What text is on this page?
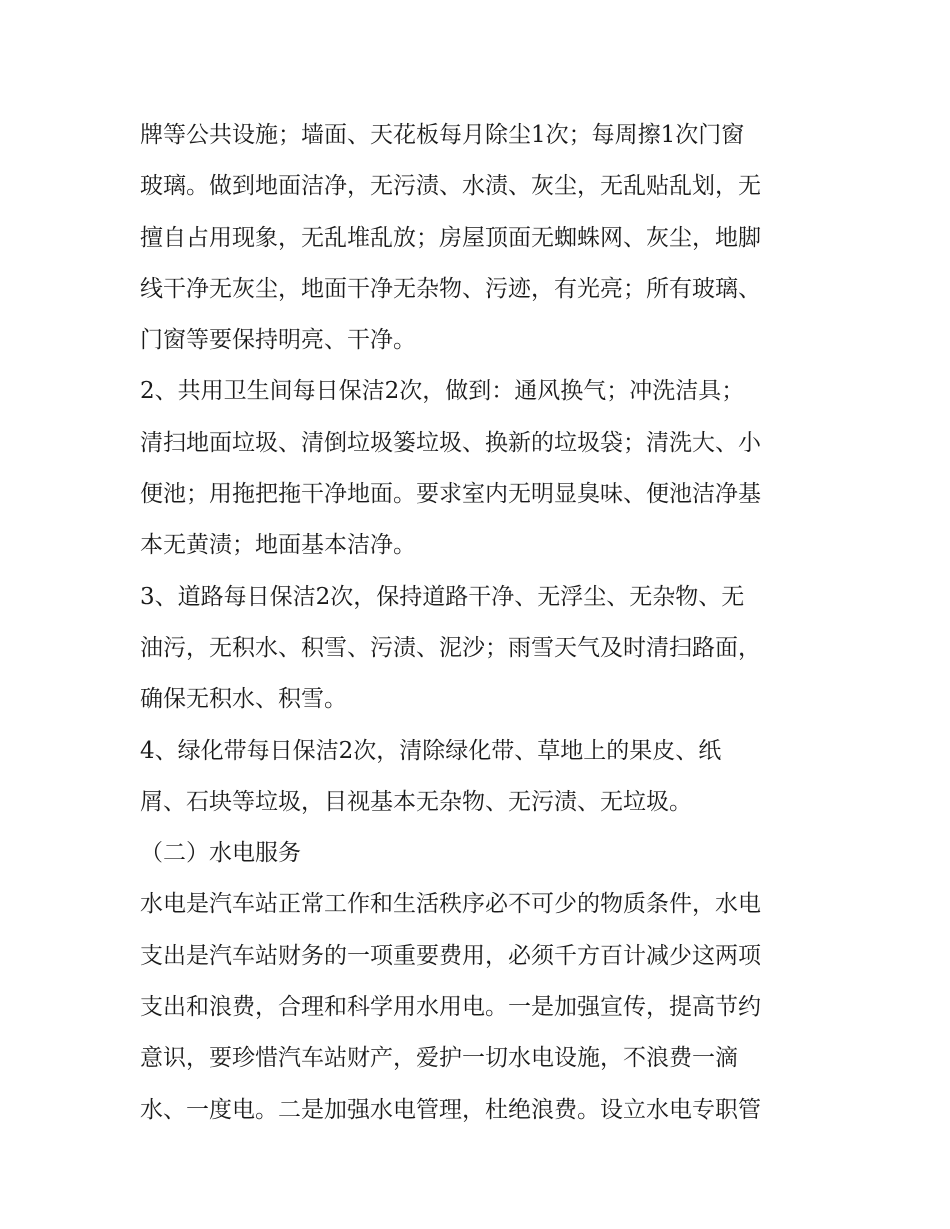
牌等公共设施；墙面、天花板每月除尘1次；每周擦1次门窗
玻璃。做到地面洁净，无污渍、水渍、灰尘，无乱贴乱划，无
擅自占用现象，无乱堆乱放；房屋顶面无蜘蛛网、灰尘，地脚
线干净无灰尘，地面干净无杂物、污迹，有光亮；所有玻璃、
门窗等要保持明亮、干净。
2、共用卫生间每日保洁2次，做到：通风换气；冲洗洁具；
清扫地面垃圾、清倒垃圾篓垃圾、换新的垃圾袋；清洗大、小
便池；用拖把拖干净地面。要求室内无明显臭味、便池洁净基
本无黄渍；地面基本洁净。
3、道路每日保洁2次，保持道路干净、无浮尘、无杂物、无
油污，无积水、积雪、污渍、泥沙；雨雪天气及时清扫路面，
确保无积水、积雪。
4、绿化带每日保洁2次，清除绿化带、草地上的果皮、纸
屑、石块等垃圾，目视基本无杂物、无污渍、无垃圾。
（二）水电服务
水电是汽车站正常工作和生活秩序必不可少的物质条件，水电
支出是汽车站财务的一项重要费用，必须千方百计减少这两项
支出和浪费，合理和科学用水用电。一是加强宣传，提高节约
意识，要珍惜汽车站财产，爱护一切水电设施，不浪费一滴
水、一度电。二是加强水电管理，杜绝浪费。设立水电专职管
